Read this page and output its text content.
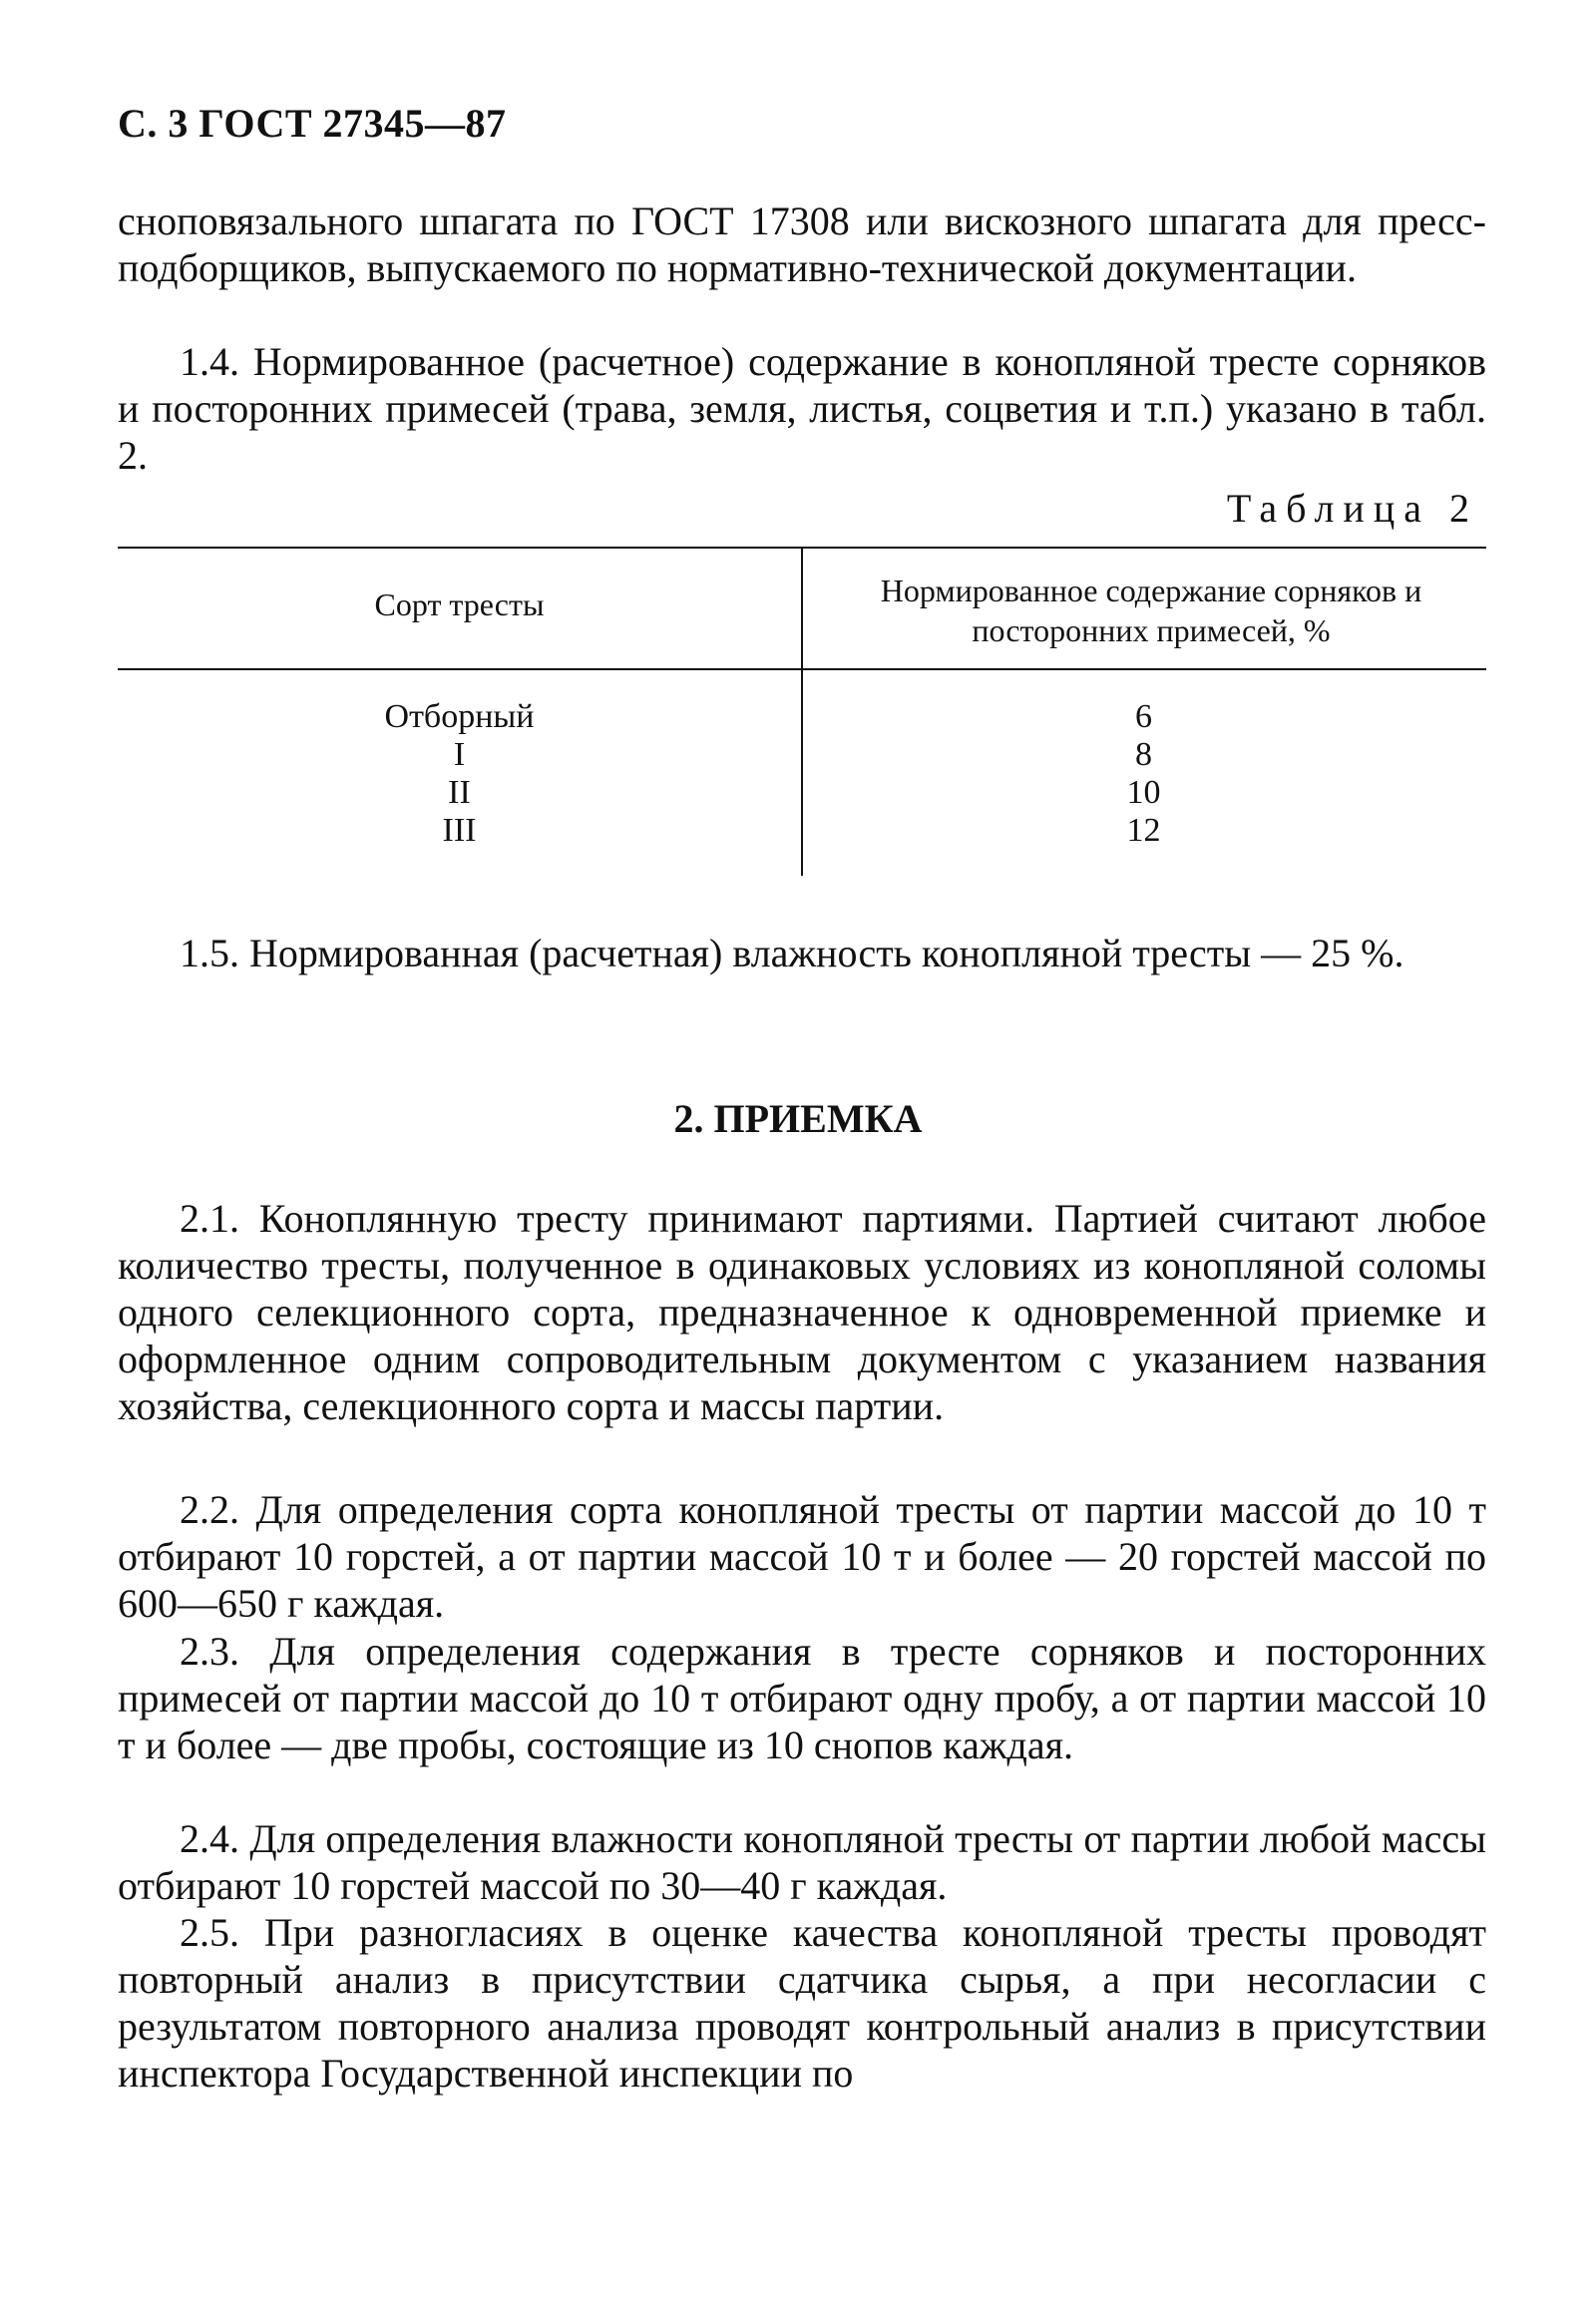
С. 3 ГОСТ 27345—87
сноповязального шпагата по ГОСТ 17308 или вискозного шпагата для пресс-подборщиков, выпускаемого по нормативно-технической документации.
1.4. Нормированное (расчетное) содержание в конопляной тресте сорняков и посторонних примесей (трава, земля, листья, соцветия и т.п.) указано в табл. 2.
Таблица 2
Сорт тресты	Нормированное содержание сорняков и посторонних примесей, %
Отборный
I
II
III
6
8
10
12
1.5. Нормированная (расчетная) влажность конопляной тресты — 25 %.
2. ПРИЕМКА
2.1. Коноплянную тресту принимают партиями. Партией считают любое количество тресты, полученное в одинаковых условиях из конопляной соломы одного селекционного сорта, предназначенное к одновременной приемке и оформленное одним сопроводительным документом с указанием названия хозяйства, селекционного сорта и массы партии.
2.2. Для определения сорта конопляной тресты от партии массой до 10 т отбирают 10 горстей, а от партии массой 10 т и более — 20 горстей массой по 600—650 г каждая.
2.3. Для определения содержания в тресте сорняков и посторонних примесей от партии массой до 10 т отбирают одну пробу, а от партии массой 10 т и более — две пробы, состоящие из 10 снопов каждая.
2.4. Для определения влажности конопляной тресты от партии любой массы отбирают 10 горстей массой по 30—40 г каждая.
2.5. При разногласиях в оценке качества конопляной тресты проводят повторный анализ в присутствии сдатчика сырья, а при несогласии с результатом повторного анализа проводят контрольный анализ в присутствии инспектора Государственной инспекции по
